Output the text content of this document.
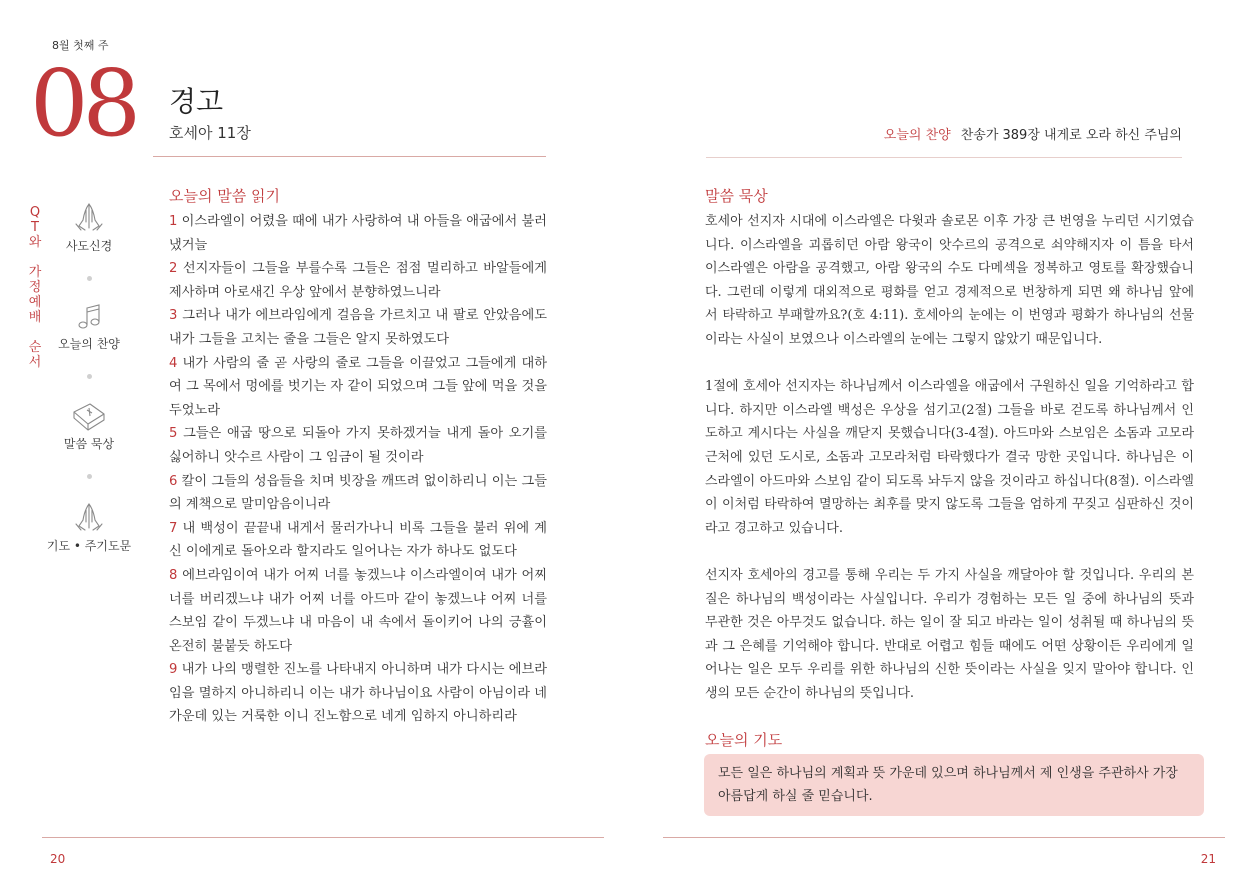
8월 첫째 주
08 경고
호세아 11장	오늘의 찬양 찬송가 389장 내게로 오라 하신 주님의
Q
T
와
가
정
예
배
순
서
사도신경
오늘의 찬양
말씀 묵상
기도 • 주기도문
오늘의 말씀 읽기
1 이스라엘이 어렸을 때에 내가 사랑하여 내 아들을 애굽에서 불러냈거늘
2 선지자들이 그들을 부를수록 그들은 점점 멀리하고 바알들에게 제사하며 아로새긴 우상 앞에서 분향하였느니라
3 그러나 내가 에브라임에게 걸음을 가르치고 내 팔로 안았음에도 내가 그들을 고치는 줄을 그들은 알지 못하였도다
4 내가 사람의 줄 곧 사랑의 줄로 그들을 이끌었고 그들에게 대하여 그 목에서 멍에를 벗기는 자 같이 되었으며 그들 앞에 먹을 것을 두었노라
5 그들은 애굽 땅으로 되돌아 가지 못하겠거늘 내게 돌아 오기를 싫어하니 앗수르 사람이 그 임금이 될 것이라
6 칼이 그들의 성읍들을 치며 빗장을 깨뜨려 없이하리니 이는 그들의 계책으로 말미암음이니라
7 내 백성이 끝끝내 내게서 물러가나니 비록 그들을 불러 위에 계신 이에게로 돌아오라 할지라도 일어나는 자가 하나도 없도다
8 에브라임이여 내가 어찌 너를 놓겠느냐 이스라엘이여 내가 어찌 너를 버리겠느냐 내가 어찌 너를 아드마 같이 놓겠느냐 어찌 너를 스보임 같이 두겠느냐 내 마음이 내 속에서 돌이키어 나의 긍휼이 온전히 불붙듯 하도다
9 내가 나의 맹렬한 진노를 나타내지 아니하며 내가 다시는 에브라임을 멸하지 아니하리니 이는 내가 하나님이요 사람이 아님이라 네 가운데 있는 거룩한 이니 진노함으로 네게 임하지 아니하리라
말씀 묵상

호세아 선지자 시대에 이스라엘은 다윗과 솔로몬 이후 가장 큰 번영을 누리던 시기였습니다. 이스라엘을 괴롭히던 아람 왕국이 앗수르의 공격으로 쇠약해지자 이 틈을 타서 이스라엘은 아람을 공격했고, 아람 왕국의 수도 다메섹을 정복하고 영토를 확장했습니다. 그런데 이렇게 대외적으로 평화를 얻고 경제적으로 번창하게 되면 왜 하나님 앞에서 타락하고 부패할까요?(호 4:11). 호세아의 눈에는 이 번영과 평화가 하나님의 선물이라는 사실이 보였으나 이스라엘의 눈에는 그렇지 않았기 때문입니다.

1절에 호세아 선지자는 하나님께서 이스라엘을 애굽에서 구원하신 일을 기억하라고 합니다. 하지만 이스라엘 백성은 우상을 섬기고(2절) 그들을 바로 걷도록 하나님께서 인도하고 계시다는 사실을 깨닫지 못했습니다(3-4절). 아드마와 스보임은 소돔과 고모라 근처에 있던 도시로, 소돔과 고모라처럼 타락했다가 결국 망한 곳입니다. 하나님은 이스라엘이 아드마와 스보임 같이 되도록 놔두지 않을 것이라고 하십니다(8절). 이스라엘이 이처럼 타락하여 멸망하는 최후를 맞지 않도록 그들을 엄하게 꾸짖고 심판하신 것이라고 경고하고 있습니다.

선지자 호세아의 경고를 통해 우리는 두 가지 사실을 깨달아야 할 것입니다. 우리의 본질은 하나님의 백성이라는 사실입니다. 우리가 경험하는 모든 일 중에 하나님의 뜻과 무관한 것은 아무것도 없습니다. 하는 일이 잘 되고 바라는 일이 성취될 때 하나님의 뜻과 그 은혜를 기억해야 합니다. 반대로 어렵고 힘들 때에도 어떤 상황이든 우리에게 일어나는 일은 모두 우리를 위한 하나님의 신한 뜻이라는 사실을 잊지 말아야 합니다. 인생의 모든 순간이 하나님의 뜻입니다.

오늘의 기도
모든 일은 하나님의 계획과 뜻 가운데 있으며 하나님께서 제 인생을 주관하사 가장 아름답게 하실 줄 믿습니다.
20	21
